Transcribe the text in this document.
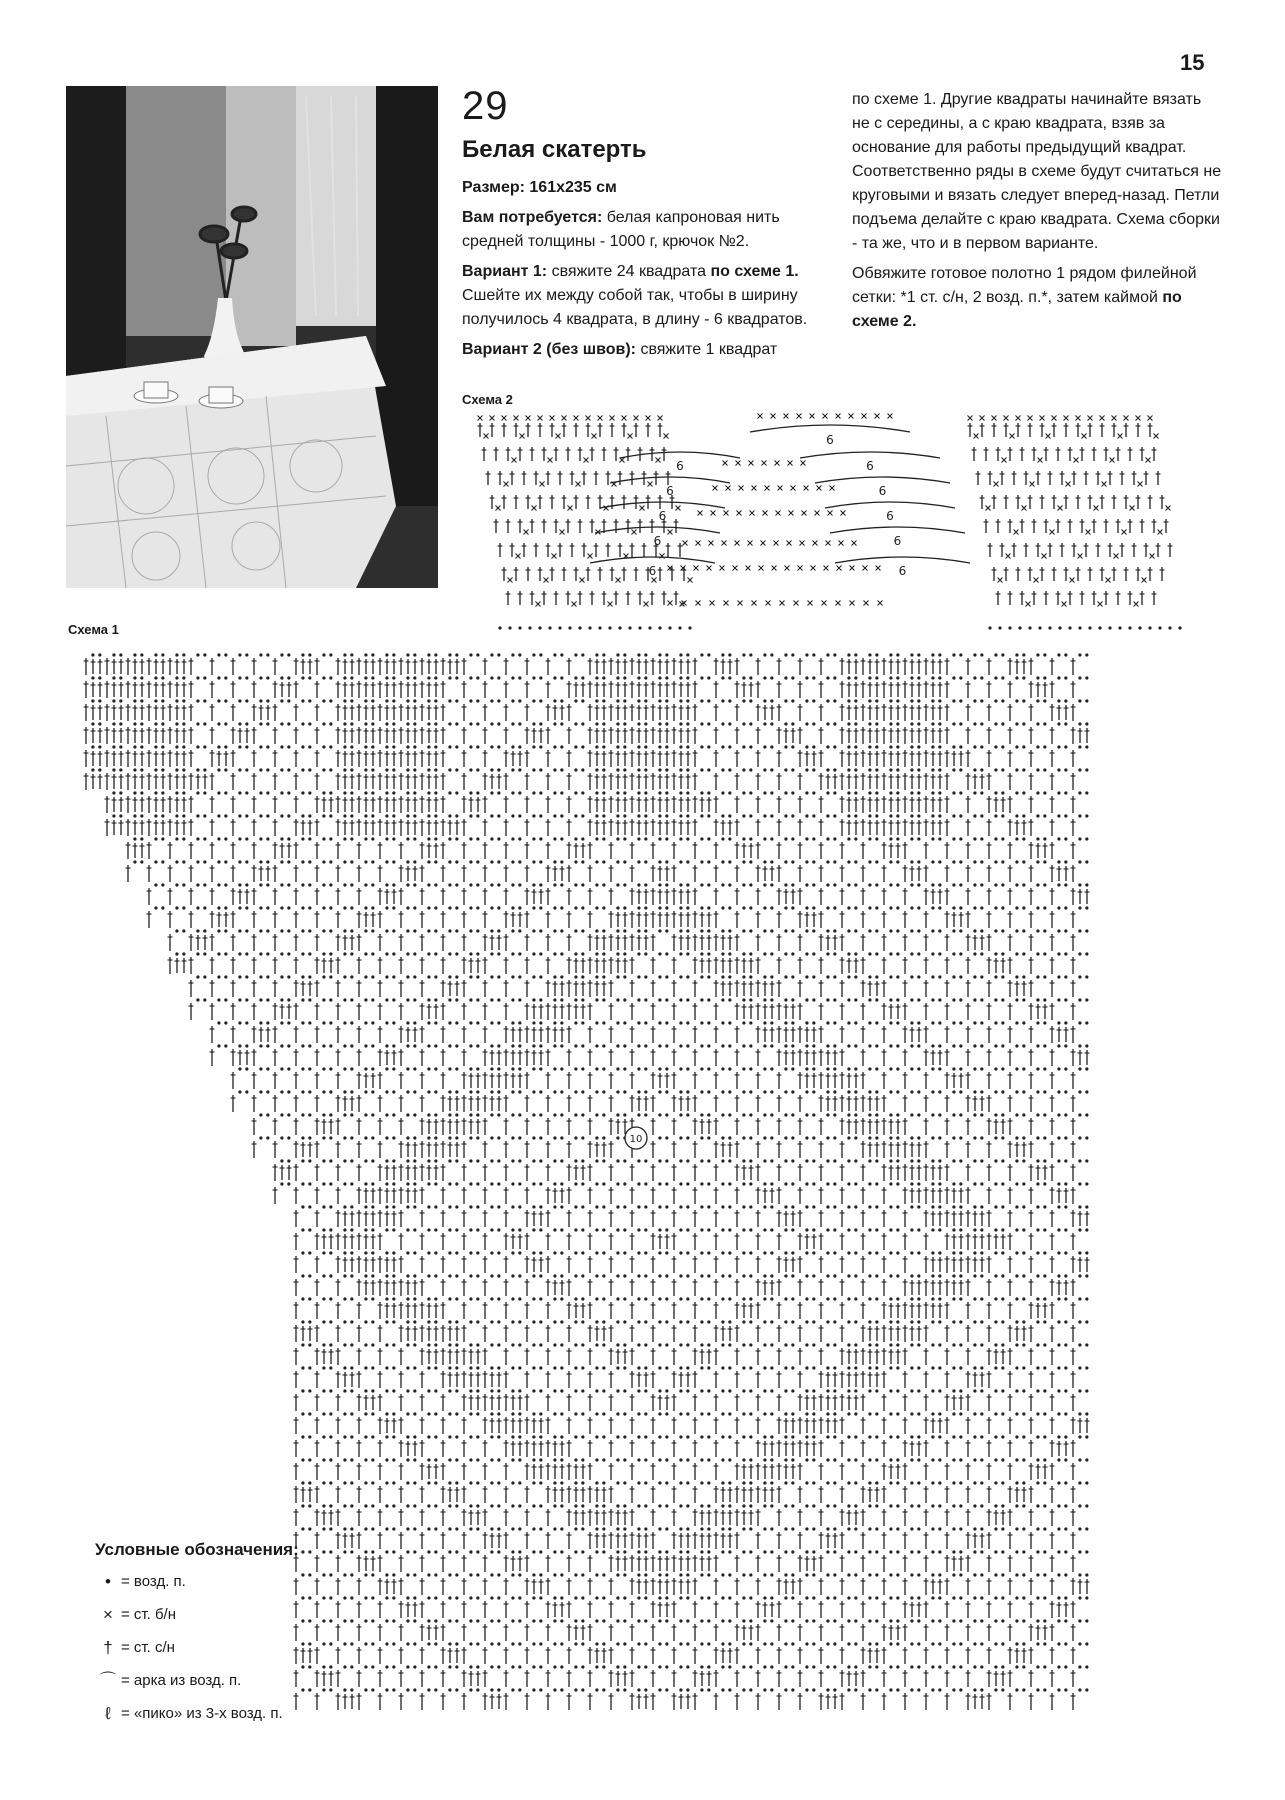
15
29
Белая скатерть

Размер: 161x235 см

Вам потребуется: белая капроновая нить средней толщины - 1000 г, крючок №2.

Вариант 1: свяжите 24 квадрата по схеме 1. Сшейте их между собой так, чтобы в ширину получилось 4 квадрата, в длину - 6 квадратов.

Вариант 2 (без швов): свяжите 1 квадрат

по схеме 1. Другие квадраты начинайте вязать не с середины, а с краю квадрата, взяв за основание для работы предыдущий квадрат. Соответственно ряды в схеме будут считаться не круговыми и вязать следует вперед-назад. Петли подъема делайте с краю квадрата. Схема сборки - та же, что и в первом варианте.

Обвяжите готовое полотно 1 рядом филейной сетки: *1 ст. с/н, 2 возд. п.*, затем каймой по схеме 2.

Схема 2
6
6	6
6	6
6	6
6	6
6	6
Схема 1
10
Условные обозначения:
• = возд. п.
× = ст. б/н
† = ст. с/н
⌒ = арка из возд. п.
ℓ = «пико» из 3-х возд. п.
